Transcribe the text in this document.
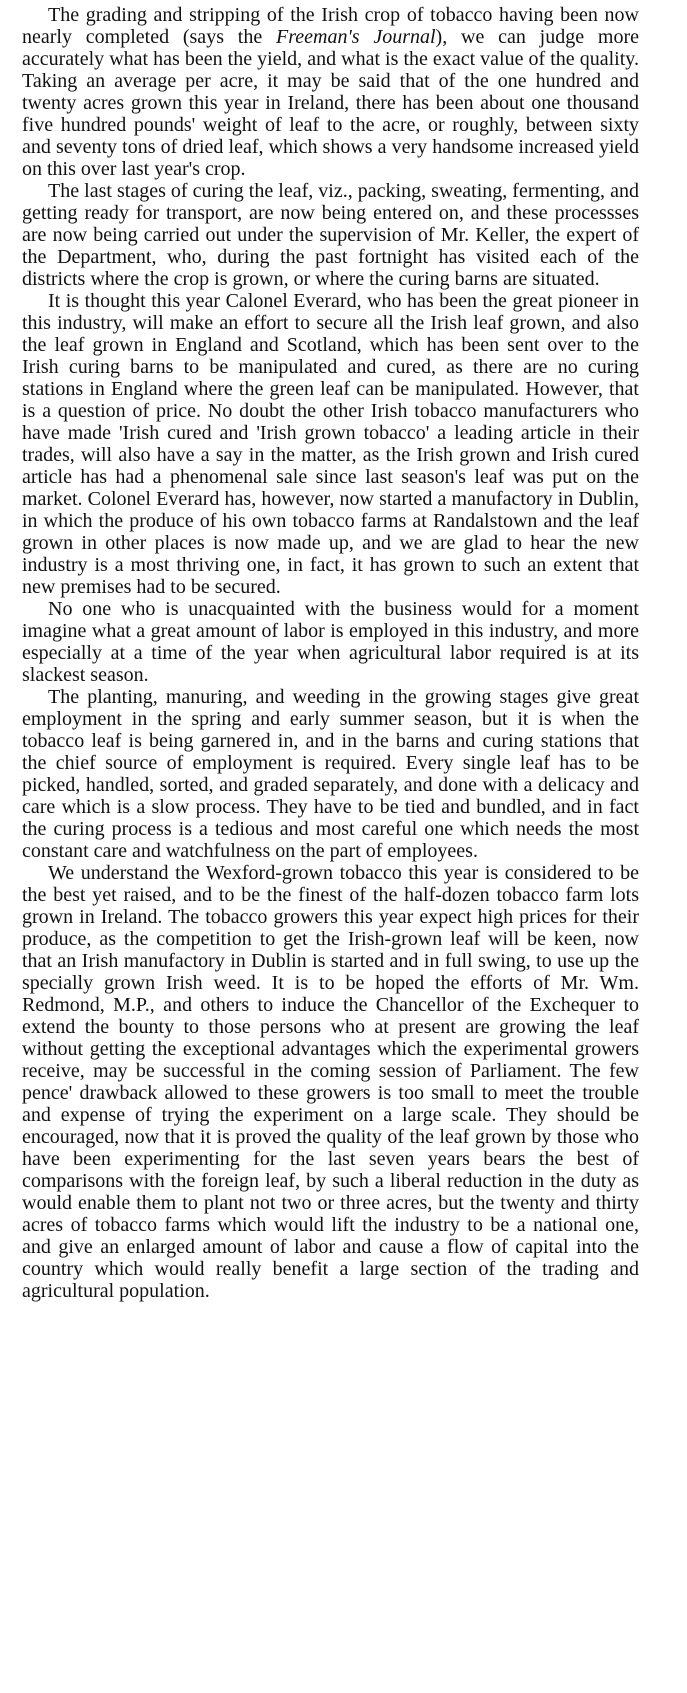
The grading and stripping of the Irish crop of tobacco having been now nearly completed (says the Freeman's Journal), we can judge more accurately what has been the yield, and what is the exact value of the quality. Taking an average per acre, it may be said that of the one hundred and twenty acres grown this year in Ireland, there has been about one thousand five hundred pounds' weight of leaf to the acre, or roughly, between sixty and seventy tons of dried leaf, which shows a very handsome increased yield on this over last year's crop.

The last stages of curing the leaf, viz., packing, sweating, fermenting, and getting ready for transport, are now being entered on, and these processses are now being carried out under the supervision of Mr. Keller, the expert of the Department, who, during the past fortnight has visited each of the districts where the crop is grown, or where the curing barns are situated.

It is thought this year Calonel Everard, who has been the great pioneer in this industry, will make an effort to secure all the Irish leaf grown, and also the leaf grown in England and Scotland, which has been sent over to the Irish curing barns to be manipulated and cured, as there are no curing stations in England where the green leaf can be manipulated. However, that is a question of price. No doubt the other Irish tobacco manufacturers who have made 'Irish cured and 'Irish grown tobacco' a leading article in their trades, will also have a say in the matter, as the Irish grown and Irish cured article has had a phenomenal sale since last season's leaf was put on the market. Colonel Everard has, however, now started a manufactory in Dublin, in which the produce of his own tobacco farms at Randalstown and the leaf grown in other places is now made up, and we are glad to hear the new industry is a most thriving one, in fact, it has grown to such an extent that new premises had to be secured.

No one who is unacquainted with the business would for a moment imagine what a great amount of labor is employed in this industry, and more especially at a time of the year when agricultural labor required is at its slackest season.

The planting, manuring, and weeding in the growing stages give great employment in the spring and early summer season, but it is when the tobacco leaf is being garnered in, and in the barns and curing stations that the chief source of employment is required. Every single leaf has to be picked, handled, sorted, and graded separately, and done with a delicacy and care which is a slow process. They have to be tied and bundled, and in fact the curing process is a tedious and most careful one which needs the most constant care and watchfulness on the part of employees.

We understand the Wexford-grown tobacco this year is considered to be the best yet raised, and to be the finest of the half-dozen tobacco farm lots grown in Ireland. The tobacco growers this year expect high prices for their produce, as the competition to get the Irish-grown leaf will be keen, now that an Irish manufactory in Dublin is started and in full swing, to use up the specially grown Irish weed. It is to be hoped the efforts of Mr. Wm. Redmond, M.P., and others to induce the Chancellor of the Exchequer to extend the bounty to those persons who at present are growing the leaf without getting the exceptional advantages which the experimental growers receive, may be successful in the coming session of Parliament. The few pence' drawback allowed to these growers is too small to meet the trouble and expense of trying the experiment on a large scale. They should be encouraged, now that it is proved the quality of the leaf grown by those who have been experimenting for the last seven years bears the best of comparisons with the foreign leaf, by such a liberal reduction in the duty as would enable them to plant not two or three acres, but the twenty and thirty acres of tobacco farms which would lift the industry to be a national one, and give an enlarged amount of labor and cause a flow of capital into the country which would really benefit a large section of the trading and agricultural population.
